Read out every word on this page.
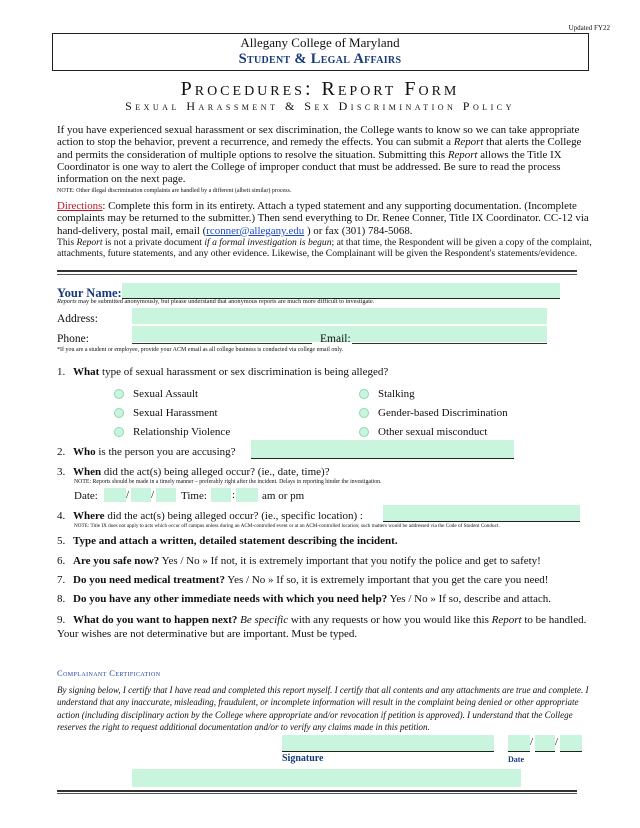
Updated FY22
Allegany College of Maryland
Student & Legal Affairs
Procedures: Report Form
Sexual Harassment & Sex Discrimination Policy
If you have experienced sexual harassment or sex discrimination, the College wants to know so we can take appropriate action to stop the behavior, prevent a recurrence, and remedy the effects. You can submit a Report that alerts the College and permits the consideration of multiple options to resolve the situation. Submitting this Report allows the Title IX Coordinator is one way to alert the College of improper conduct that must be addressed. Be sure to read the process information on the next page.
NOTE: Other illegal discrimination complaints are handled by a different (albeit similar) process.
Directions: Complete this form in its entirety. Attach a typed statement and any supporting documentation. (Incomplete complaints may be returned to the submitter.) Then send everything to Dr. Renee Conner, Title IX Coordinator. CC-12 via hand-delivery, postal mail, email (rconner@allegany.edu ) or fax (301) 784-5068.
This Report is not a private document if a formal investigation is begun; at that time, the Respondent will be given a copy of the complaint, attachments, future statements, and any other evidence. Likewise, the Complainant will be given the Respondent's statements/evidence.
Your Name:
Reports may be submitted anonymously, but please understand that anonymous reports are much more difficult to investigate.
Address:
Phone:	Email:
*If you are a student or employee, provide your ACM email as all college business is conducted via college email only.
1. What type of sexual harassment or sex discrimination is being alleged?
Sexual Assault
Sexual Harassment
Relationship Violence
Stalking
Gender-based Discrimination
Other sexual misconduct
2. Who is the person you are accusing?
3. When did the act(s) being alleged occur? (ie., date, time)?
NOTE: Reports should be made in a timely manner – preferably right after the incident. Delays in reporting hinder the investigation.
Date:	/ / Time: : am or pm
4. Where did the act(s) being alleged occur? (ie., specific location) :
NOTE: Title IX does not apply to acts which occur off campus unless during an ACM-controlled event or at an ACM-controlled location; such matters would be addressed via the Code of Student Conduct.
5. Type and attach a written, detailed statement describing the incident.
6. Are you safe now? Yes / No » If not, it is extremely important that you notify the police and get to safety!
7. Do you need medical treatment? Yes / No » If so, it is extremely important that you get the care you need!
8. Do you have any other immediate needs with which you need help? Yes / No » If so, describe and attach.
9. What do you want to happen next? Be specific with any requests or how you would like this Report to be handled. Your wishes are not determinative but are important. Must be typed.
Complainant Certification
By signing below, I certify that I have read and completed this report myself. I certify that all contents and any attachments are true and complete. I understand that any inaccurate, misleading, fraudulent, or incomplete information will result in the complaint being denied or other appropriate action (including disciplinary action by the College where appropriate and/or revocation if petition is approved). I understand that the College reserves the right to request additional documentation and/or to verify any claims made in this petition.
/ /
Signature	Date
